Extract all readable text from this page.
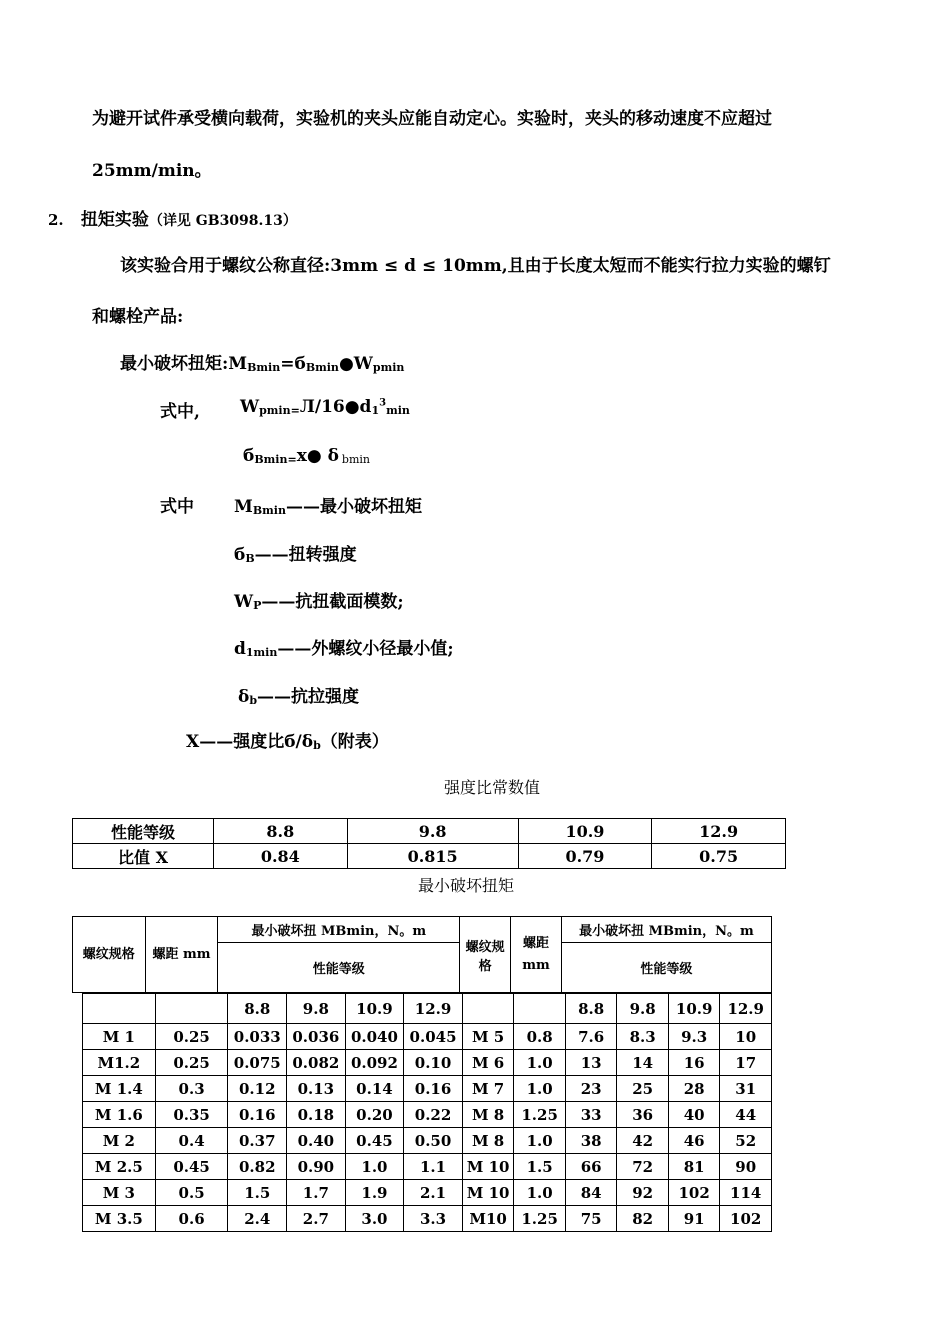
为避开试件承受横向载荷，实验机的夹头应能自动定心。实验时，夹头的移动速度不应超过
25mm/min。
2. 扭矩实验（详见 GB3098.13）
该实验合用于螺纹公称直径:3mm ≤ d ≤ 10mm,且由于长度太短而不能实行拉力实验的螺钉
和螺栓产品:
最小破坏扭矩$:M_{Bmin}=б_{Bmin}●W_{pmin}$
式中, $W_{pmin=}Л/16●d_1^3_{min}$
$б_{Bmin=}x●$ δ $_{bmin}$
式中 $M_{Bmin}——$最小破坏扭矩
$б_B——$扭转强度
$W_P——$抗扭截面模数;
$d_{1min}——$外螺纹小径最小值;
$\delta_b——$抗拉强度
X——强度比$б/\delta_b$（附表）
强度比常数值
性能等级	8.8	9.8	10.9	12.9
比值 X	0.84	0.815	0.79	0.75
最小破坏扭矩
螺纹规格	螺距 mm	最小破坏扭 MBmin，N。m	螺纹规格	螺距 mm	最小破坏扭 MBmin，N。m
		性能等级			性能等级
		8.8	9.8	10.9	12.9			8.8	9.8	10.9	12.9
M 1	0.25	0.033	0.036	0.040	0.045	M 5	0.8	7.6	8.3	9.3	10
M1.2	0.25	0.075	0.082	0.092	0.10	M 6	1.0	13	14	16	17
M 1.4	0.3	0.12	0.13	0.14	0.16	M 7	1.0	23	25	28	31
M 1.6	0.35	0.16	0.18	0.20	0.22	M 8	1.25	33	36	40	44
M 2	0.4	0.37	0.40	0.45	0.50	M 8	1.0	38	42	46	52
M 2.5	0.45	0.82	0.90	1.0	1.1	M 10	1.5	66	72	81	90
M 3	0.5	1.5	1.7	1.9	2.1	M 10	1.0	84	92	102	114
M 3.5	0.6	2.4	2.7	3.0	3.3	M10	1.25	75	82	91	102
